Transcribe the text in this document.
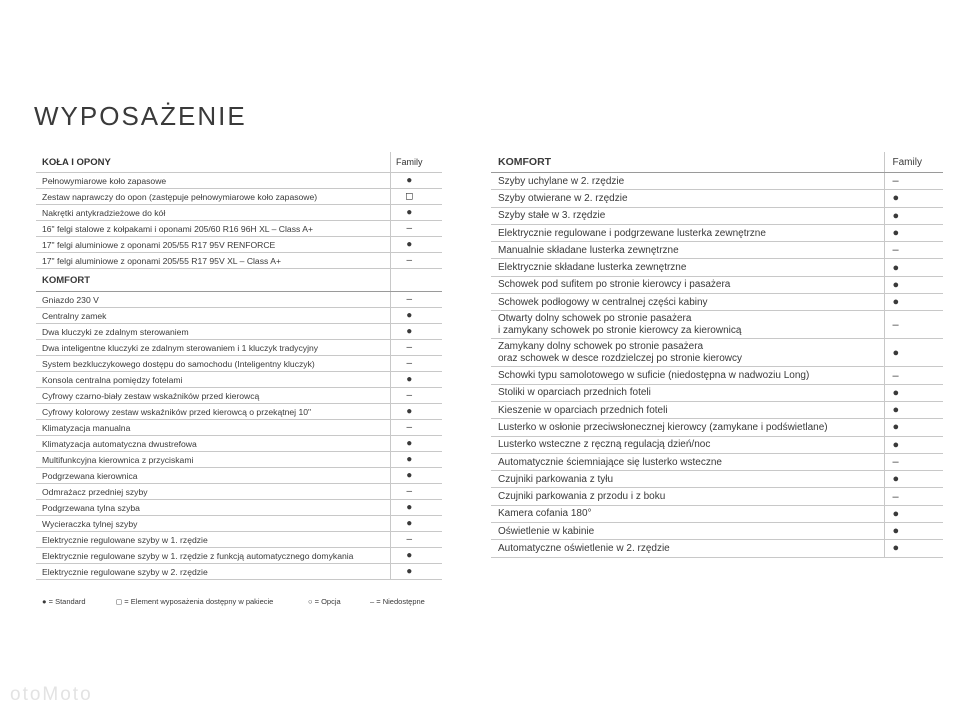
WYPOSAŻENIE
KOŁA I OPONY	Family
Pełnowymiarowe koło zapasowe	●
Zestaw naprawczy do opon (zastępuje pełnowymiarowe koło zapasowe)	◻
Nakrętki antykradzieżowe do kół	●
16" felgi stalowe z kołpakami i oponami 205/60 R16 96H XL – Class A+	–
17" felgi aluminiowe z oponami 205/55 R17 95V RENFORCE	●
17" felgi aluminiowe z oponami 205/55 R17 95V XL – Class A+	–
KOMFORT	
Gniazdo 230 V	–
Centralny zamek	●
Dwa kluczyki ze zdalnym sterowaniem	●
Dwa inteligentne kluczyki ze zdalnym sterowaniem i 1 kluczyk tradycyjny	–
System bezkluczykowego dostępu do samochodu (Inteligentny kluczyk)	–
Konsola centralna pomiędzy fotelami	●
Cyfrowy czarno-biały zestaw wskaźników przed kierowcą	–
Cyfrowy kolorowy zestaw wskaźników przed kierowcą o przekątnej 10"	●
Klimatyzacja manualna	–
Klimatyzacja automatyczna dwustrefowa	●
Multifunkcyjna kierownica z przyciskami	●
Podgrzewana kierownica	●
Odmrażacz przedniej szyby	–
Podgrzewana tylna szyba	●
Wycieraczka tylnej szyby	●
Elektrycznie regulowane szyby w 1. rzędzie	–
Elektrycznie regulowane szyby w 1. rzędzie z funkcją automatycznego domykania	●
Elektrycznie regulowane szyby w 2. rzędzie	●
KOMFORT	Family
Szyby uchylane w 2. rzędzie	–
Szyby otwierane w 2. rzędzie	●
Szyby stałe w 3. rzędzie	●
Elektrycznie regulowane i podgrzewane lusterka zewnętrzne	●
Manualnie składane lusterka zewnętrzne	–
Elektrycznie składane lusterka zewnętrzne	●
Schowek pod sufitem po stronie kierowcy i pasażera	●
Schowek podłogowy w centralnej części kabiny	●

Otwarty dolny schowek po stronie pasażera
i zamykany schowek po stronie kierowcy za kierownicą	–

Zamykany dolny schowek po stronie pasażera
oraz schowek w desce rozdzielczej po stronie kierowcy	●
Schowki typu samolotowego w suficie (niedostępna w nadwoziu Long)	–
Stoliki w oparciach przednich foteli	●
Kieszenie w oparciach przednich foteli	●
Lusterko w osłonie przeciwsłonecznej kierowcy (zamykane i podświetlane)	●
Lusterko wsteczne z ręczną regulacją dzień/noc	●
Automatycznie ściemniające się lusterko wsteczne	–
Czujniki parkowania z tyłu	●
Czujniki parkowania z przodu i z boku	–
Kamera cofania 180°	●
Oświetlenie w kabinie	●
Automatyczne oświetlenie w 2. rzędzie	●
● = Standard	◻ = Element wyposażenia dostępny w pakiecie	○ = Opcja	– = Niedostępne
otoMoto
